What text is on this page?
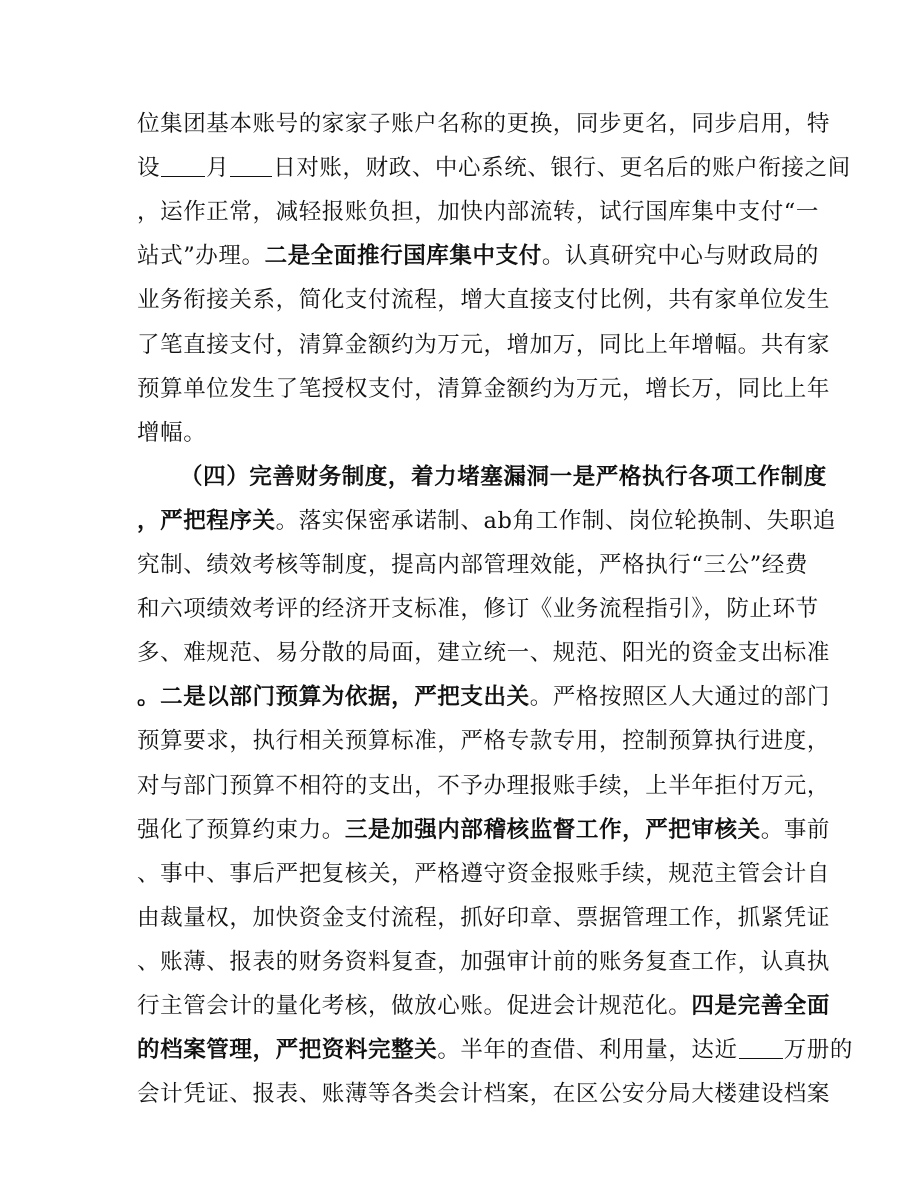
位集团基本账号的家家子账户名称的更换，同步更名，同步启用，特
设 月 日对账，财政、中心系统、银行、更名后的账户衔接之间
，运作正常，减轻报账负担，加快内部流转，试行国库集中支付“一
站式”办理。二是全面推行国库集中支付。认真研究中心与财政局的
业务衔接关系，简化支付流程，增大直接支付比例，共有家单位发生
了笔直接支付，清算金额约为万元，增加万，同比上年增幅。共有家
预算单位发生了笔授权支付，清算金额约为万元，增长万，同比上年
增幅。
（四）完善财务制度，着力堵塞漏洞一是严格执行各项工作制度
，严把程序关。落实保密承诺制、ab角工作制、岗位轮换制、失职追
究制、绩效考核等制度，提高内部管理效能，严格执行“三公”经费
和六项绩效考评的经济开支标准，修订《业务流程指引》，防止环节
多、难规范、易分散的局面，建立统一、规范、阳光的资金支出标准
。二是以部门预算为依据，严把支出关。严格按照区人大通过的部门
预算要求，执行相关预算标准，严格专款专用，控制预算执行进度，
对与部门预算不相符的支出，不予办理报账手续，上半年拒付万元，
强化了预算约束力。三是加强内部稽核监督工作，严把审核关。事前
、事中、事后严把复核关，严格遵守资金报账手续，规范主管会计自
由裁量权，加快资金支付流程，抓好印章、票据管理工作，抓紧凭证
、账薄、报表的财务资料复查，加强审计前的账务复查工作，认真执
行主管会计的量化考核，做放心账。促进会计规范化。四是完善全面
的档案管理，严把资料完整关。半年的查借、利用量，达近 万册的
会计凭证、报表、账薄等各类会计档案，在区公安分局大楼建设档案
